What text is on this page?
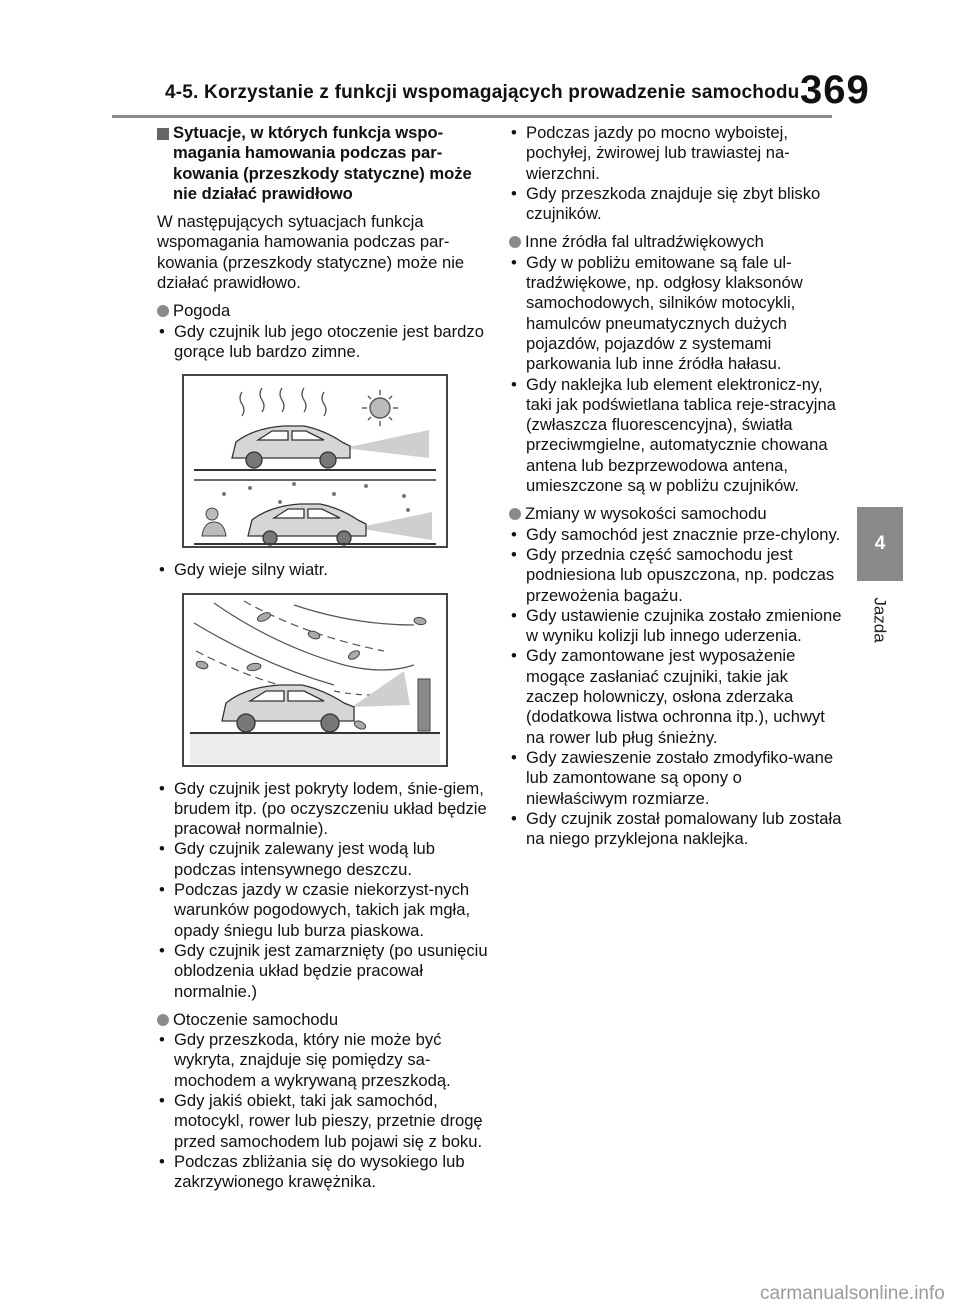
4-5. Korzystanie z funkcji wspomagających prowadzenie samochodu 369
4
Jazda
Sytuacje, w których funkcja wspo-magania hamowania podczas par-kowania (przeszkody statyczne) może nie działać prawidłowo

W następujących sytuacjach funkcja wspomagania hamowania podczas par-kowania (przeszkody statyczne) może nie działać prawidłowo.

Pogoda
• Gdy czujnik lub jego otoczenie jest bardzo gorące lub bardzo zimne.
• Gdy wieje silny wiatr.
• Gdy czujnik jest pokryty lodem, śnie-giem, brudem itp. (po oczyszczeniu układ będzie pracował normalnie).
• Gdy czujnik zalewany jest wodą lub podczas intensywnego deszczu.
• Podczas jazdy w czasie niekorzyst-nych warunków pogodowych, takich jak mgła, opady śniegu lub burza piaskowa.
• Gdy czujnik jest zamarznięty (po usunięciu oblodzenia układ będzie pracował normalnie.)
Otoczenie samochodu
• Gdy przeszkoda, który nie może być wykryta, znajduje się pomiędzy sa-mochodem a wykrywaną przeszkodą.
• Gdy jakiś obiekt, taki jak samochód, motocykl, rower lub pieszy, przetnie drogę przed samochodem lub pojawi się z boku.
• Podczas zbliżania się do wysokiego lub zakrzywionego krawężnika.
• Podczas jazdy po mocno wyboistej, pochyłej, żwirowej lub trawiastej na-wierzchni.
• Gdy przeszkoda znajduje się zbyt blisko czujników.
Inne źródła fal ultradźwiękowych
• Gdy w pobliżu emitowane są fale ul-tradźwiękowe, np. odgłosy klaksonów samochodowych, silników motocykli, hamulców pneumatycznych dużych pojazdów, pojazdów z systemami parkowania lub inne źródła hałasu.
• Gdy naklejka lub element elektronicz-ny, taki jak podświetlana tablica reje-stracyjna (zwłaszcza fluorescencyjna), światła przeciwmgielne, automatycznie chowana antena lub bezprzewodowa antena, umieszczone są w pobliżu czujników.
Zmiany w wysokości samochodu
• Gdy samochód jest znacznie prze-chylony.
• Gdy przednia część samochodu jest podniesiona lub opuszczona, np. podczas przewożenia bagażu.
• Gdy ustawienie czujnika zostało zmienione w wyniku kolizji lub innego uderzenia.
• Gdy zamontowane jest wyposażenie mogące zasłaniać czujniki, takie jak zaczep holowniczy, osłona zderzaka (dodatkowa listwa ochronna itp.), uchwyt na rower lub pług śnieżny.
• Gdy zawieszenie zostało zmodyfiko-wane lub zamontowane są opony o niewłaściwym rozmiarze.
• Gdy czujnik został pomalowany lub została na niego przyklejona naklejka.
carmanualsonline.info
